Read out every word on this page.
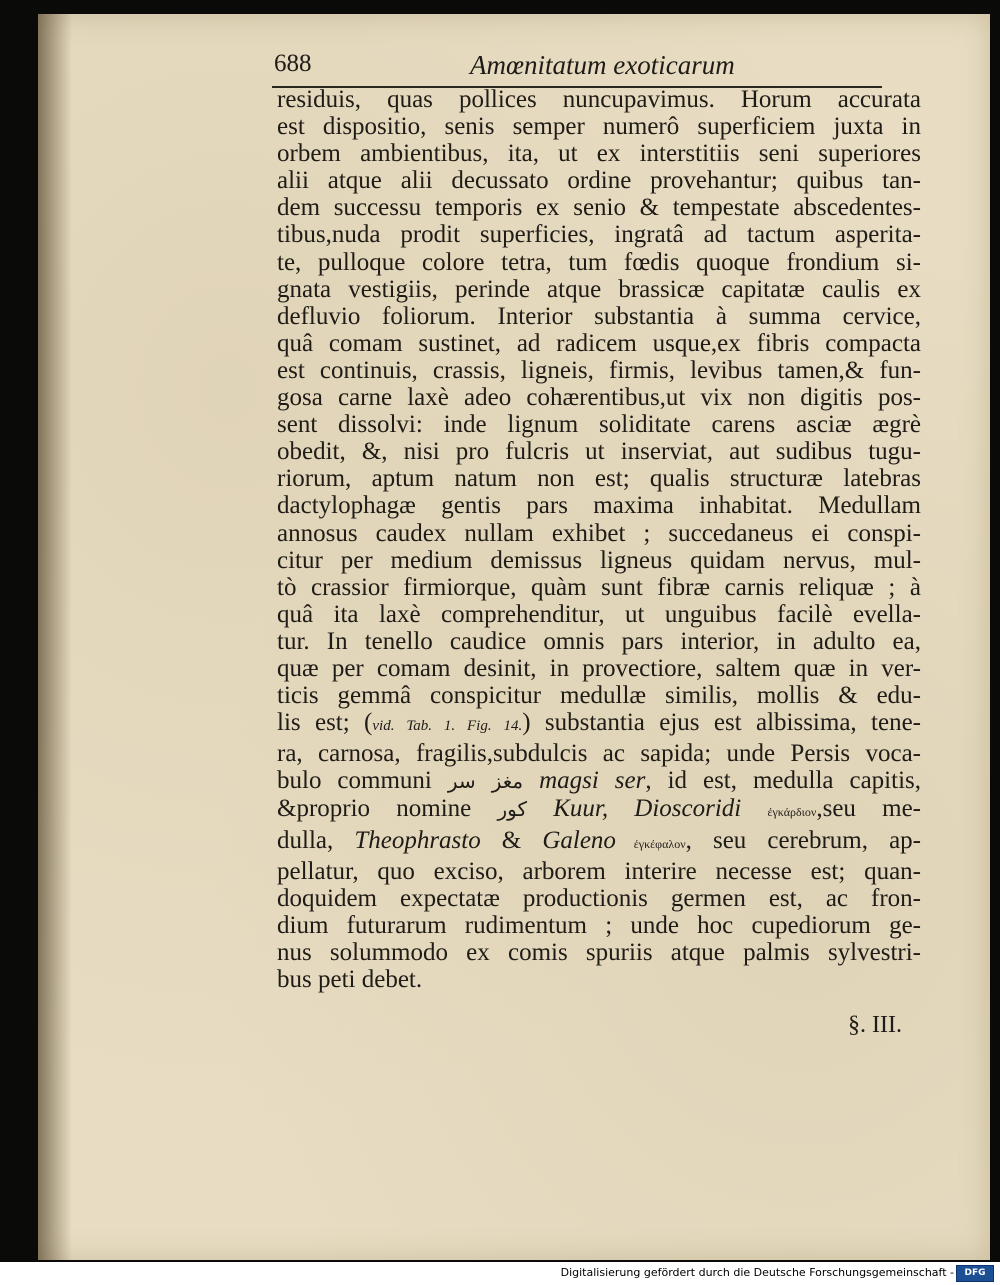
688	Amœnitatum exoticarum
residuis, quas pollices nuncupavimus. Horum accurata
est dispositio, senis semper numerô superficiem juxta in
orbem ambientibus, ita, ut ex interstitiis seni superiores
alii atque alii decussato ordine provehantur; quibus tan-
dem successu temporis ex senio & tempestate abscedentes-
tibus,nuda prodit superficies, ingratâ ad tactum asperita-
te, pulloque colore tetra, tum fœdis quoque frondium si-
gnata vestigiis, perinde atque brassicæ capitatæ caulis ex
defluvio foliorum. Interior substantia à summa cervice,
quâ comam sustinet, ad radicem usque,ex fibris compacta
est continuis, crassis, ligneis, firmis, levibus tamen,& fun-
gosa carne laxè adeo cohærentibus,ut vix non digitis pos-
sent dissolvi: inde lignum soliditate carens asciæ ægrè
obedit, &, nisi pro fulcris ut inserviat, aut sudibus tugu-
riorum, aptum natum non est; qualis structuræ latebras
dactylophagæ gentis pars maxima inhabitat. Medullam
annosus caudex nullam exhibet ; succedaneus ei conspi-
citur per medium demissus ligneus quidam nervus, mul-
tò crassior firmiorque, quàm sunt fibræ carnis reliquæ ; à
quâ ita laxè comprehenditur, ut unguibus facilè evella-
tur. In tenello caudice omnis pars interior, in adulto ea,
quæ per comam desinit, in provectiore, saltem quæ in ver-
ticis gemmâ conspicitur medullæ similis, mollis & edu-
lis est; (vid. Tab. 1. Fig. 14.) substantia ejus est albissima, tene-
ra, carnosa, fragilis,subdulcis ac sapida; unde Persis voca-
bulo communi مغز سر magsi ser, id est, medulla capitis,
&proprio nomine كور Kuur, Dioscoridi ἐγκάρδιον,seu me-
dulla, Theophrasto & Galeno ἐγκέφαλον, seu cerebrum, ap-
pellatur, quo exciso, arborem interire necesse est; quan-
doquidem expectatæ productionis germen est, ac fron-
dium futurarum rudimentum ; unde hoc cupediorum ge-
nus solummodo ex comis spuriis atque palmis sylvestri-
bus peti debet.
§. III.
Digitalisierung gefördert durch die Deutsche Forschungsgemeinschaft -	DFG
